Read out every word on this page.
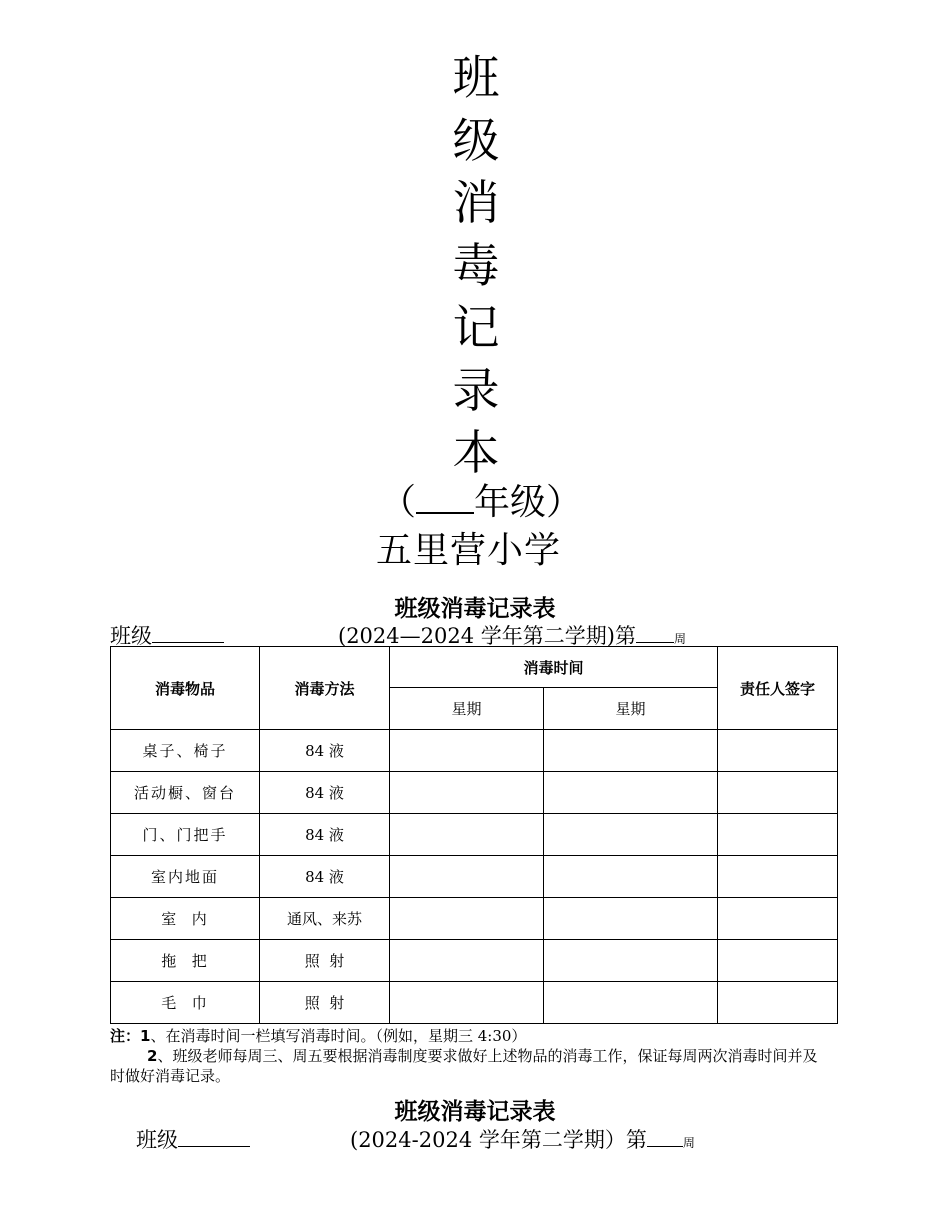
班
级
消
毒
记
录
本
（ 年级）
五里营小学
班级消毒记录表
班级	(2024—2024 学年第二学期)第	周
消毒物品	消毒方法	消毒时间		责任人签字
		星期	星期	
桌子、椅子	84 液			
活动橱、窗台	84 液			
门、门把手	84 液			
室内地面	84 液			
室  内	通风、来苏			
拖  把	照  射			
毛  巾	照  射			
注：1、在消毒时间一栏填写消毒时间。（例如，星期三 4:30）
2、班级老师每周三、周五要根据消毒制度要求做好上述物品的消毒工作，保证每周两次消毒时间并及时做好消毒记录。
班级消毒记录表
班级	(2024-2024 学年第二学期）第	周
